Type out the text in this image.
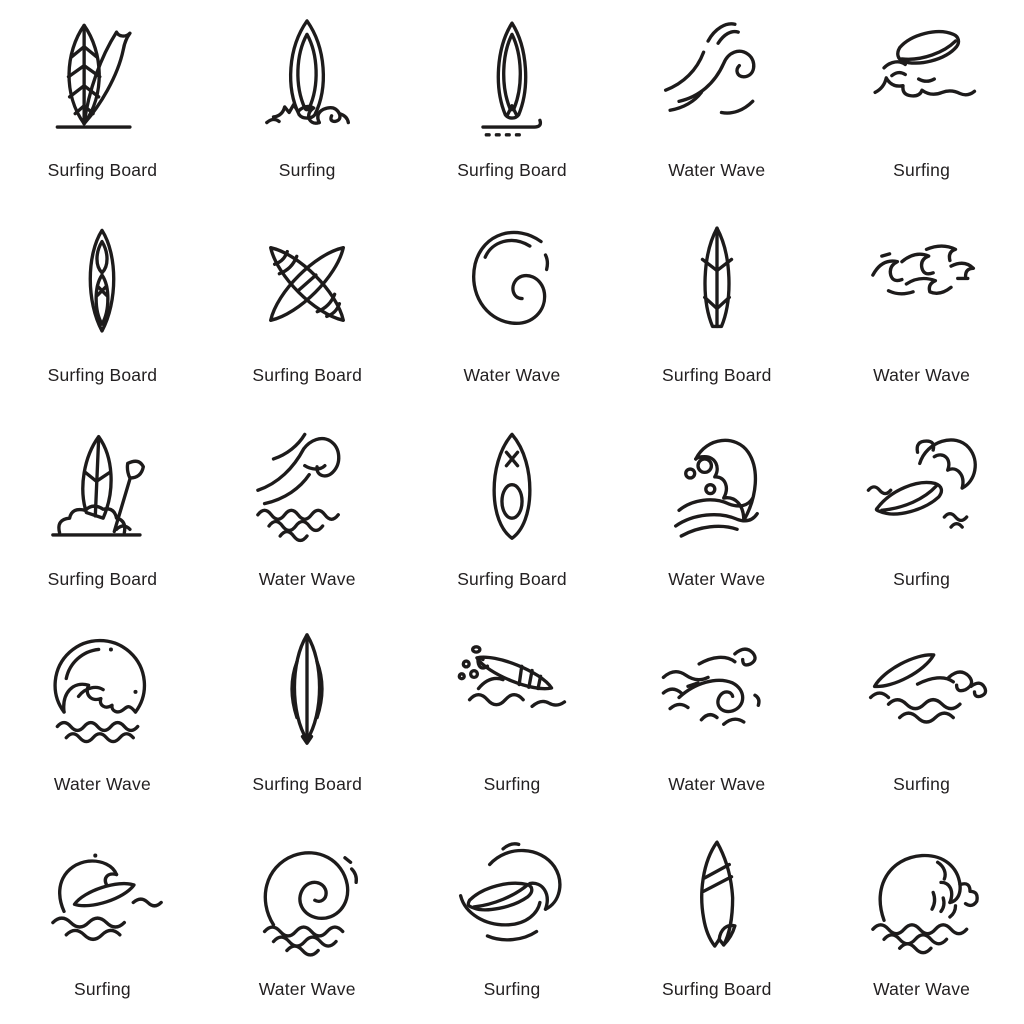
Surfing Board	Surfing	Surfing Board	Water Wave	Surfing
Surfing Board	Surfing Board	Water Wave	Surfing Board	Water Wave
Surfing Board	Water Wave	Surfing Board	Water Wave	Surfing
Water Wave	Surfing Board	Surfing	Water Wave	Surfing
Surfing	Water Wave	Surfing	Surfing Board	Water Wave
